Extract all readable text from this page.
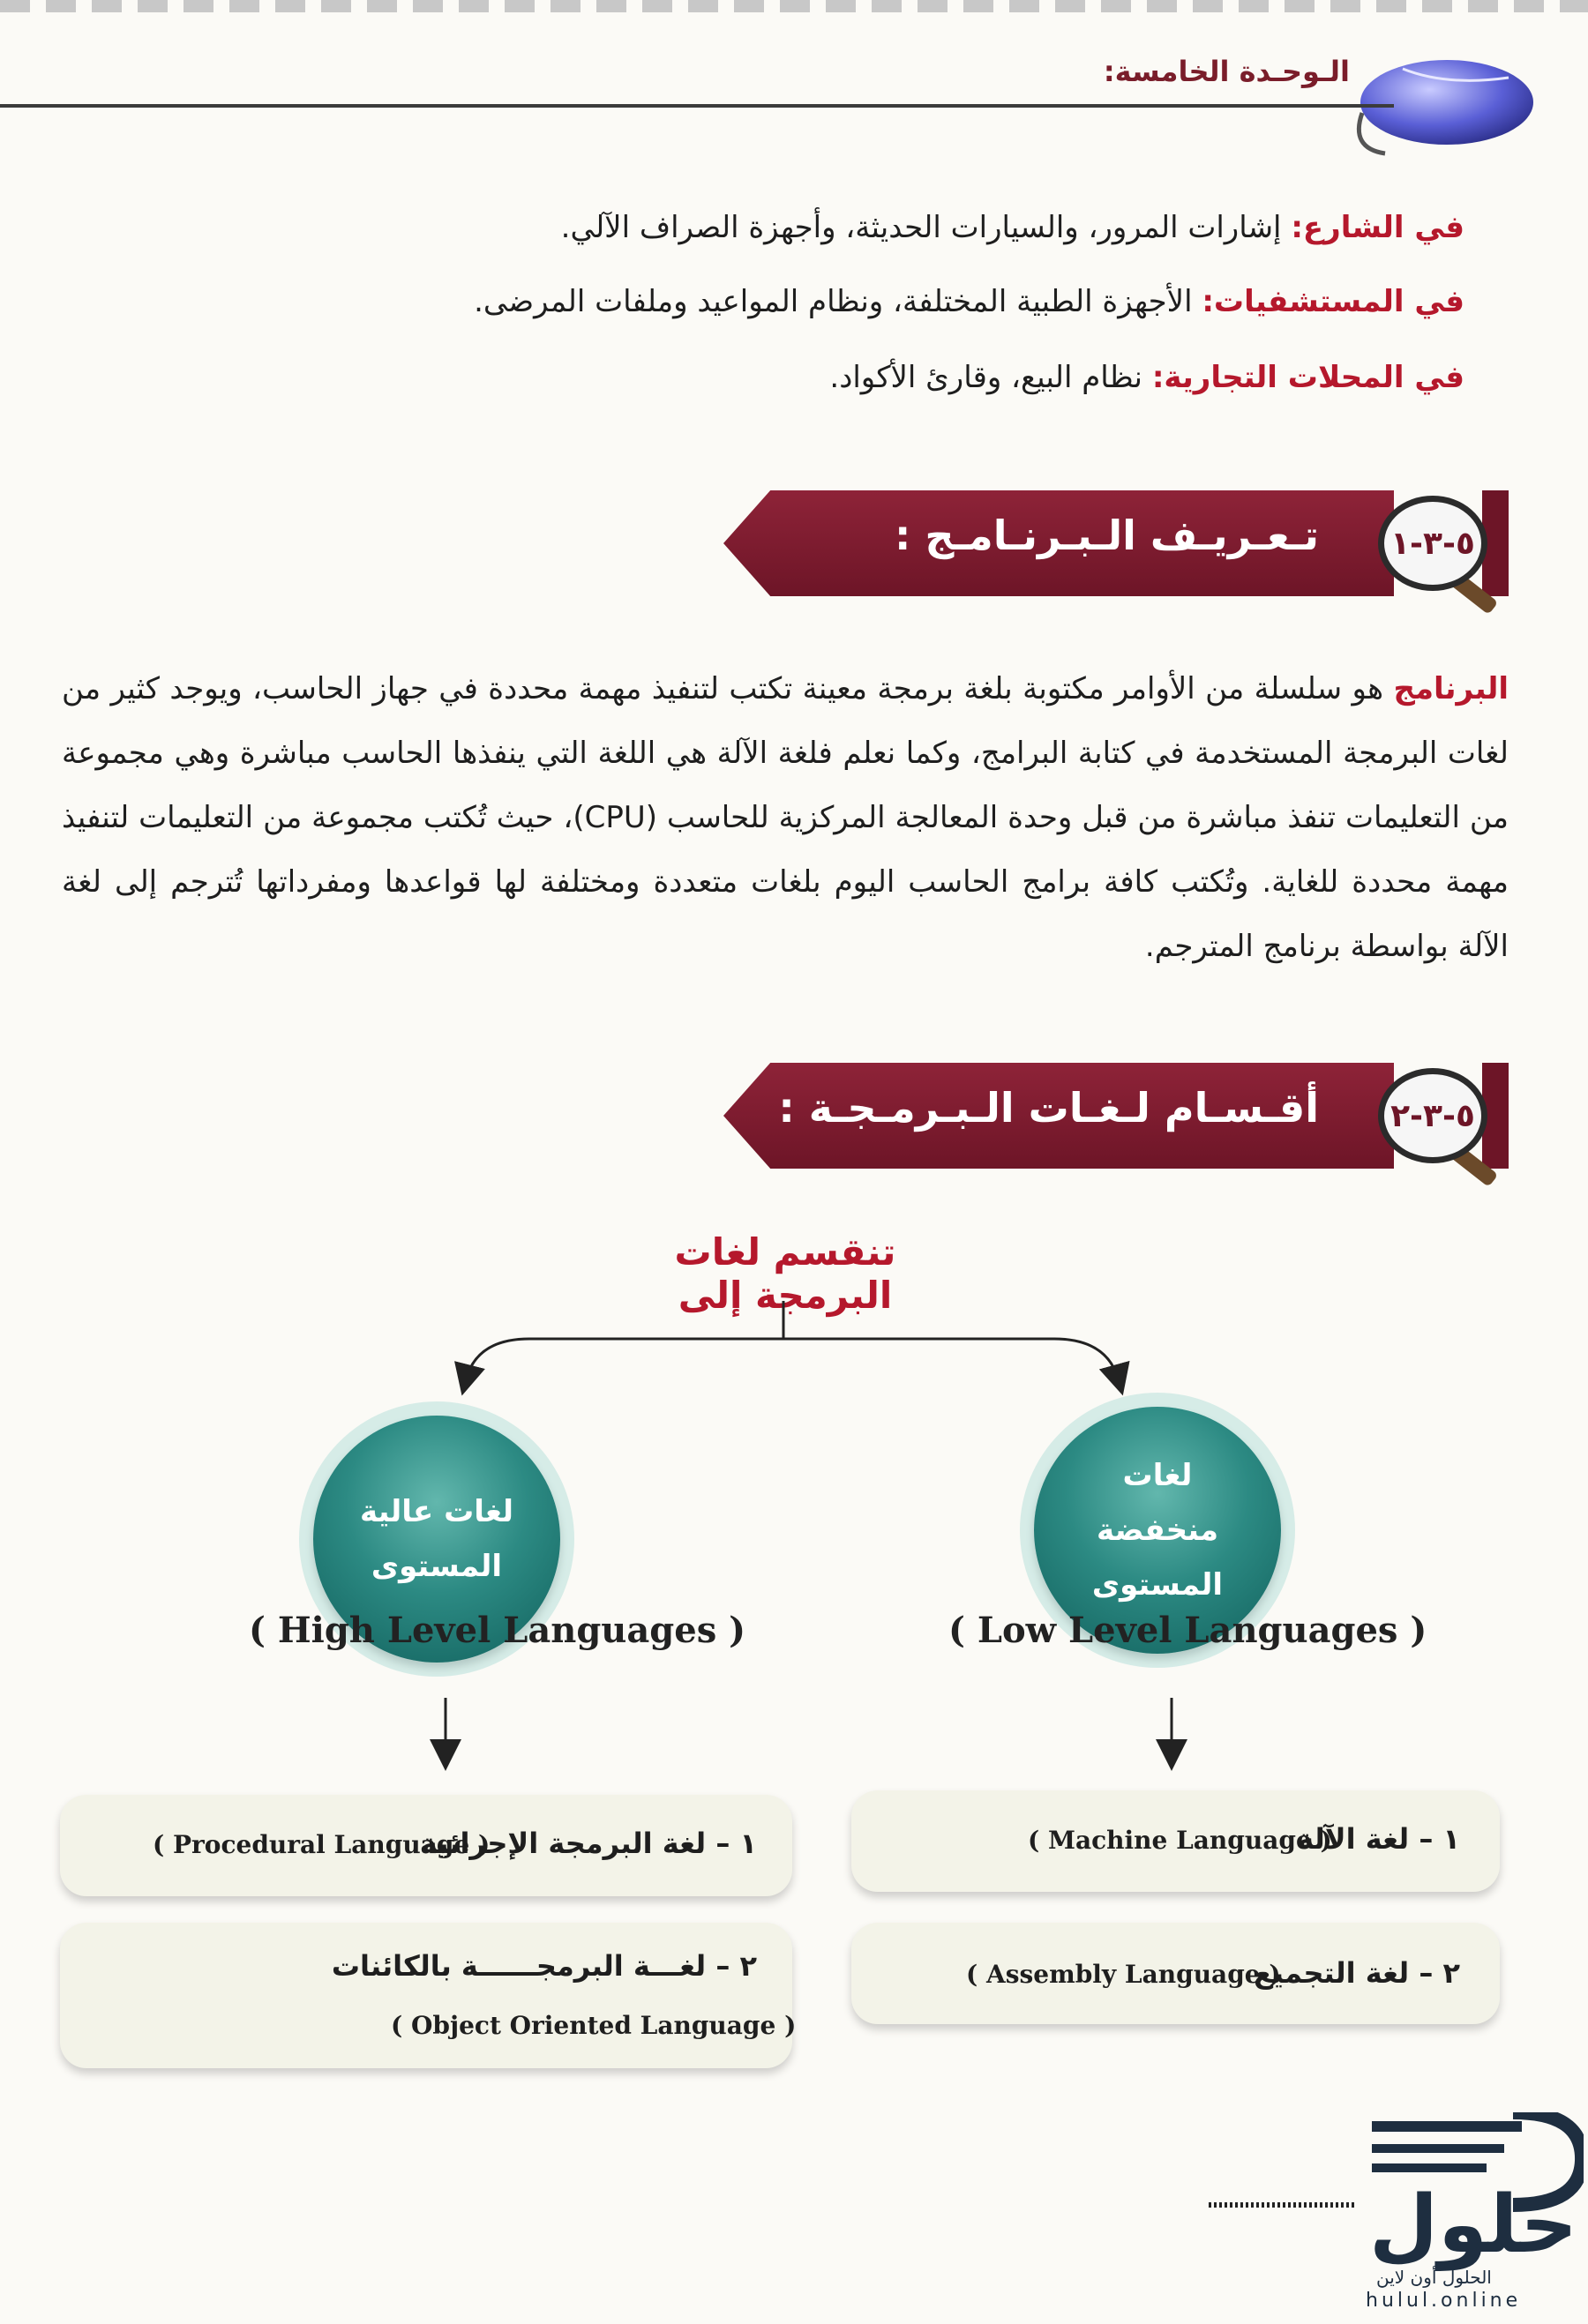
الـوحـدة الخامسة:
في الشارع: إشارات المرور، والسيارات الحديثة، وأجهزة الصراف الآلي.
في المستشفيات: الأجهزة الطبية المختلفة، ونظام المواعيد وملفات المرضى.
في المحلات التجارية: نظام البيع، وقارئ الأكواد.
تـعـريـف الـبـرنـامـج :	٥-٣-١
البرنامج هو سلسلة من الأوامر مكتوبة بلغة برمجة معينة تكتب لتنفيذ مهمة محددة في جهاز الحاسب، ويوجد كثير من لغات البرمجة المستخدمة في كتابة البرامج، وكما نعلم فلغة الآلة هي اللغة التي ينفذها الحاسب مباشرة وهي مجموعة من التعليمات تنفذ مباشرة من قبل وحدة المعالجة المركزية للحاسب (CPU)، حيث تُكتب مجموعة من التعليمات لتنفيذ مهمة محددة للغاية. وتُكتب كافة برامج الحاسب اليوم بلغات متعددة ومختلفة لها قواعدها ومفرداتها تُترجم إلى لغة الآلة بواسطة برنامج المترجم.
أقـسـام لـغـات الـبـرمـجـة :	٥-٣-٢
تنقسم لغات البرمجة إلى
لغات عالية المستوى
( High Level Languages )
لغات منخفضة المستوى
( Low Level Languages )
( Procedural Language )
١ – لغة البرمجة الإجرائية
٢ – لغـــة البرمجــــــة بالكائنات
( Object Oriented Language )
( Machine Language )
١ – لغة الآلة
( Assembly Language )
٢ – لغة التجميع
حلول
الحلول أون لاين
hulul.online
